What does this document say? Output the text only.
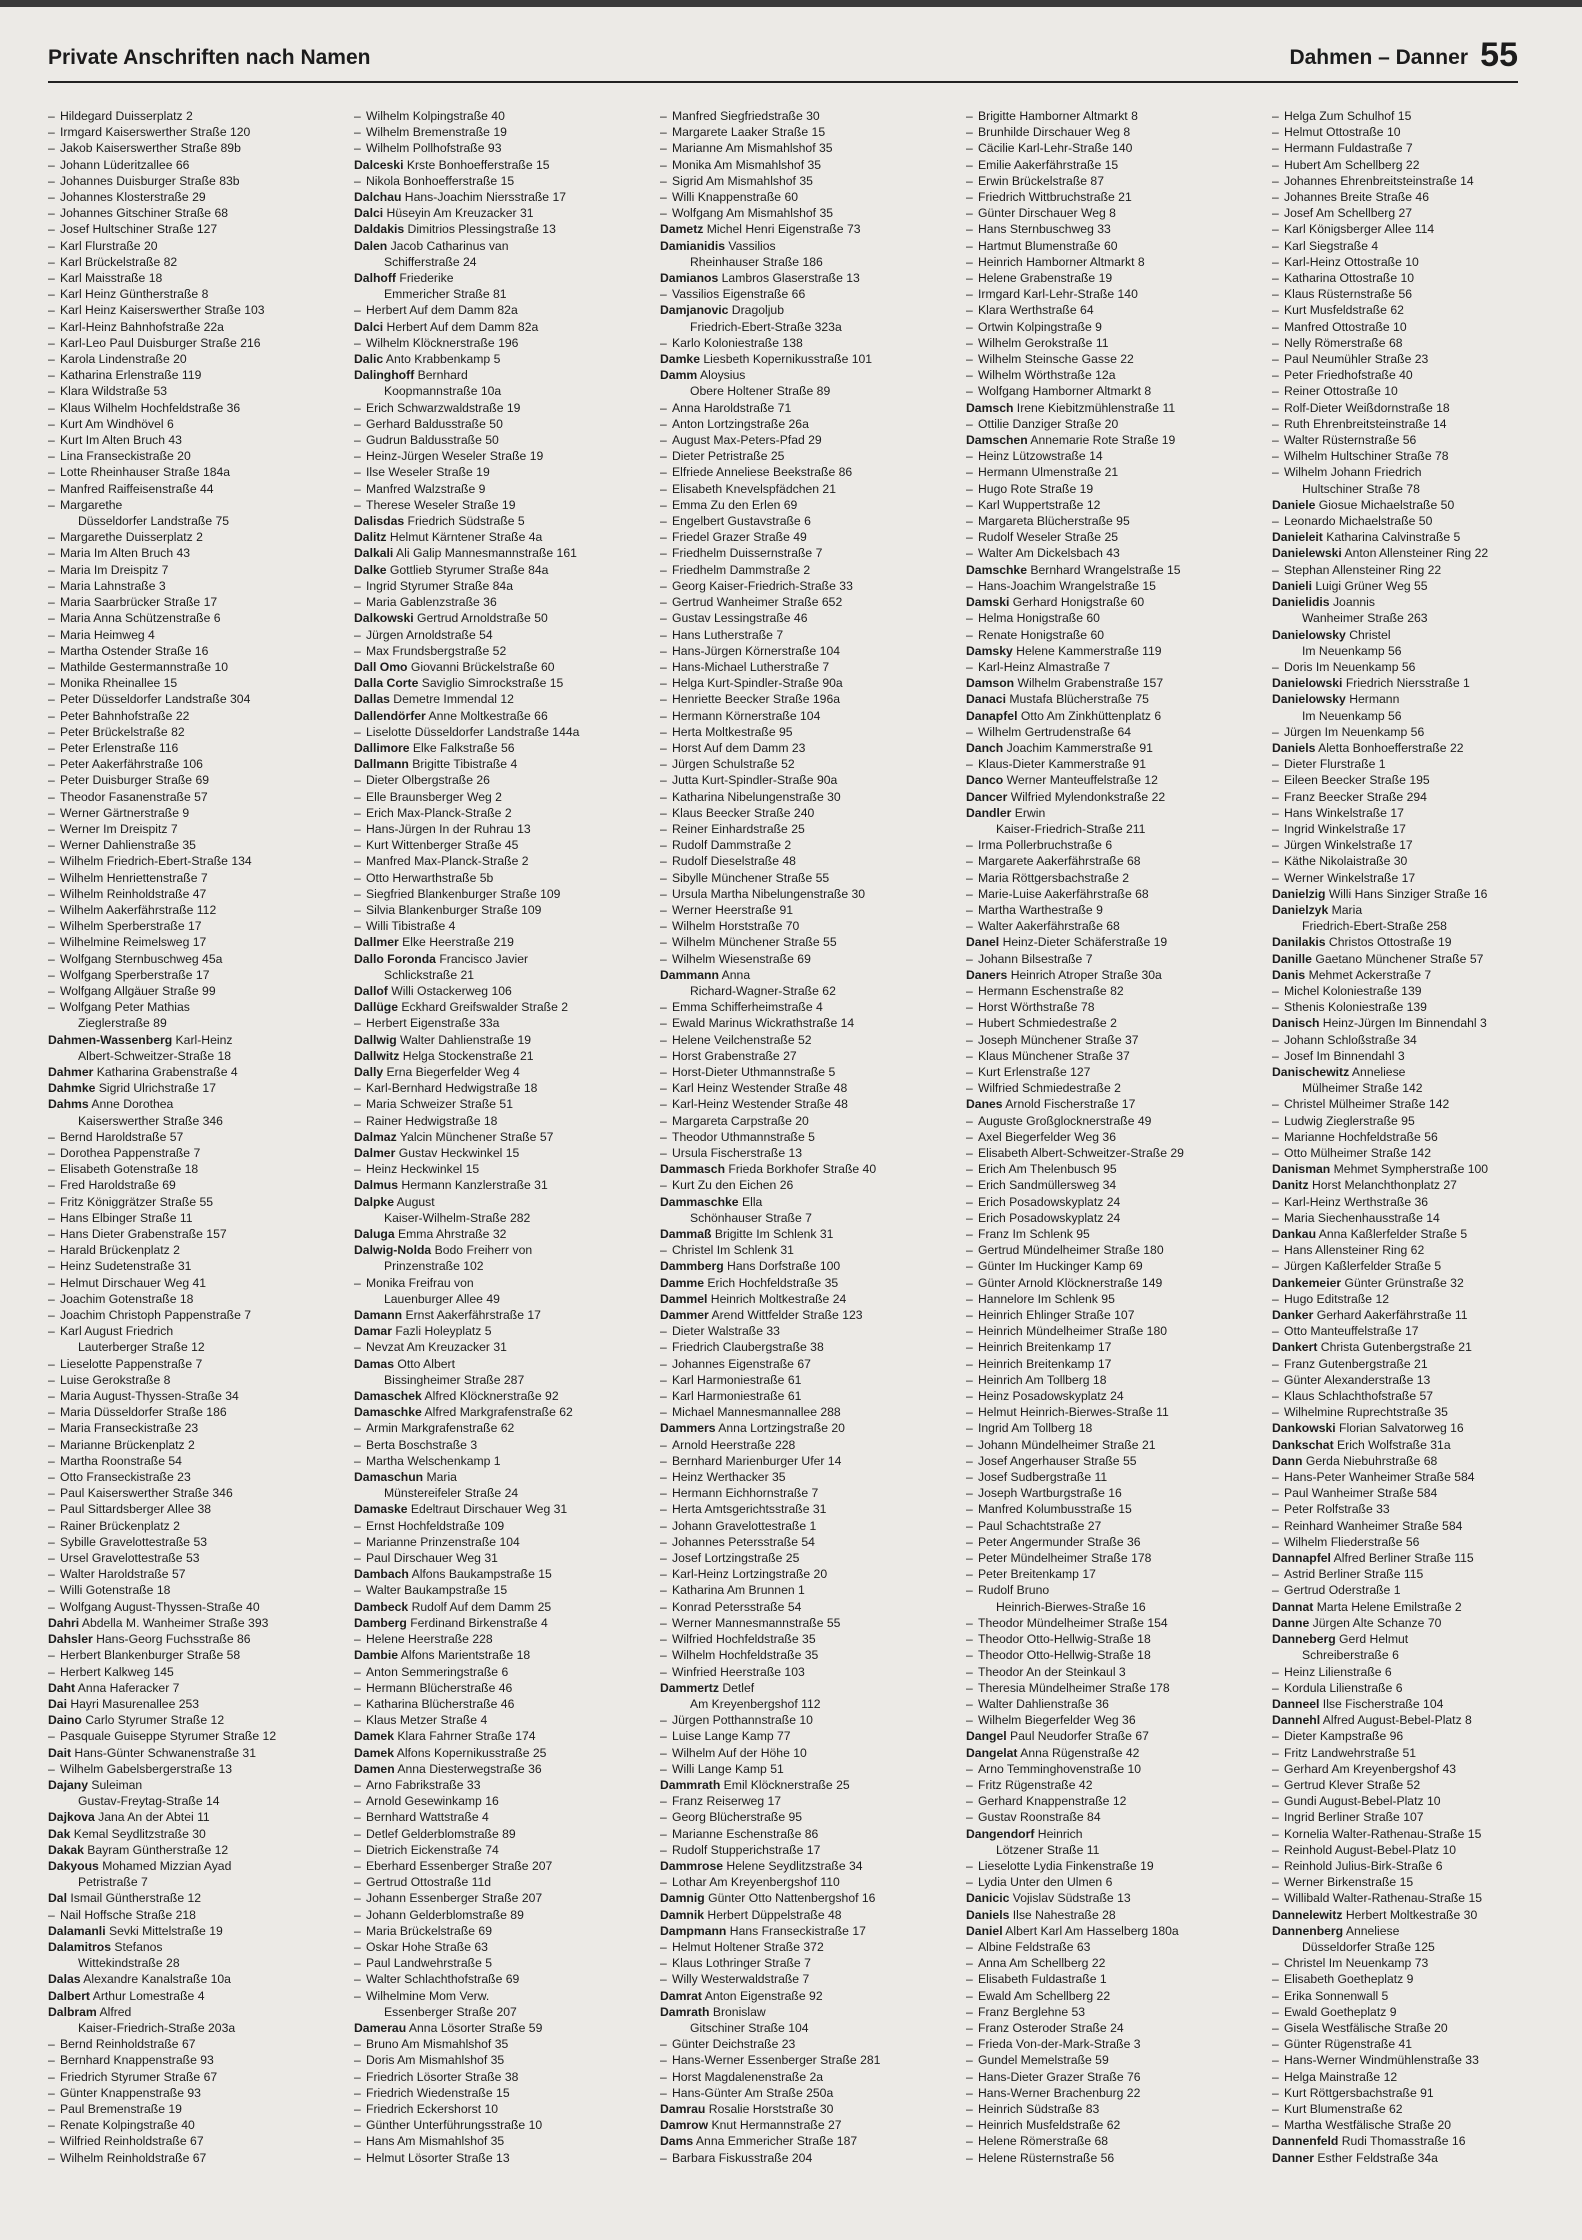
Private Anschriften nach Namen	Dahmen – Danner 55
– Hildegard Duisserplatz 2
– Irmgard Kaiserswerther Straße 120
– Jakob Kaiserswerther Straße 89b
– Johann Lüderitzallee 66
– Johannes Duisburger Straße 83b
– Johannes Klosterstraße 29
– Johannes Gitschiner Straße 68
– Josef Hultschiner Straße 127
– Karl Flurstraße 20
– Karl Brückelstraße 82
– Karl Maisstraße 18
– Karl Heinz Güntherstraße 8
– Karl Heinz Kaiserswerther Straße 103
– Karl-Heinz Bahnhofstraße 22a
– Karl-Leo Paul Duisburger Straße 216
– Karola Lindenstraße 20
– Katharina Erlenstraße 119
– Klara Wildstraße 53
– Klaus Wilhelm Hochfeldstraße 36
– Kurt Am Windhövel 6
– Kurt Im Alten Bruch 43
– Lina Franseckistraße 20
– Lotte Rheinhauser Straße 184a
– Manfred Raiffeisenstraße 44
– Margarethe
Düsseldorfer Landstraße 75
– Margarethe Duisserplatz 2
– Maria Im Alten Bruch 43
– Maria Im Dreispitz 7
– Maria Lahnstraße 3
– Maria Saarbrücker Straße 17
– Maria Anna Schützenstraße 6
– Maria Heimweg 4
– Martha Ostender Straße 16
– Mathilde Gestermannstraße 10
– Monika Rheinallee 15
– Peter Düsseldorfer Landstraße 304
– Peter Bahnhofstraße 22
– Peter Brückelstraße 82
– Peter Erlenstraße 116
– Peter Aakerfährstraße 106
– Peter Duisburger Straße 69
– Theodor Fasanenstraße 57
– Werner Gärtnerstraße 9
– Werner Im Dreispitz 7
– Werner Dahlienstraße 35
– Wilhelm Friedrich-Ebert-Straße 134
– Wilhelm Henriettenstraße 7
– Wilhelm Reinholdstraße 47
– Wilhelm Aakerfährstraße 112
– Wilhelm Sperberstraße 17
– Wilhelmine Reimelsweg 17
– Wolfgang Sternbuschweg 45a
– Wolfgang Sperberstraße 17
– Wolfgang Allgäuer Straße 99
– Wolfgang Peter Mathias
Zieglerstraße 89
Dahmen-Wassenberg Karl-Heinz
Albert-Schweitzer-Straße 18
Dahmer Katharina Grabenstraße 4
Dahmke Sigrid Ulrichstraße 17
Dahms Anne Dorothea
Kaiserswerther Straße 346
– Bernd Haroldstraße 57
– Dorothea Pappenstraße 7
– Elisabeth Gotenstraße 18
– Fred Haroldstraße 69
– Fritz Königgrätzer Straße 55
– Hans Elbinger Straße 11
– Hans Dieter Grabenstraße 157
– Harald Brückenplatz 2
– Heinz Sudetenstraße 31
– Helmut Dirschauer Weg 41
– Joachim Gotenstraße 18
– Joachim Christoph Pappenstraße 7
– Karl August Friedrich
Lauterberger Straße 12
– Lieselotte Pappenstraße 7
– Luise Gerokstraße 8
– Maria August-Thyssen-Straße 34
– Maria Düsseldorfer Straße 186
– Maria Franseckistraße 23
– Marianne Brückenplatz 2
– Martha Roonstraße 54
– Otto Franseckistraße 23
– Paul Kaiserswerther Straße 346
– Paul Sittardsberger Allee 38
– Rainer Brückenplatz 2
– Sybille Gravelottestraße 53
– Ursel Gravelottestraße 53
– Walter Haroldstraße 57
– Willi Gotenstraße 18
– Wolfgang August-Thyssen-Straße 40
Dahri Abdella M. Wanheimer Straße 393
Dahsler Hans-Georg Fuchsstraße 86
– Herbert Blankenburger Straße 58
– Herbert Kalkweg 145
Daht Anna Haferacker 7
Dai Hayri Masurenallee 253
Daino Carlo Styrumer Straße 12
– Pasquale Guiseppe Styrumer Straße 12
Dait Hans-Günter Schwanenstraße 31
– Wilhelm Gabelsbergerstraße 13
Dajany Suleiman
Gustav-Freytag-Straße 14
Dajkova Jana An der Abtei 11
Dak Kemal Seydlitzstraße 30
Dakak Bayram Güntherstraße 12
Dakyous Mohamed Mizzian Ayad
Petristraße 7
Dal Ismail Güntherstraße 12
– Nail Hoffsche Straße 218
Dalamanli Sevki Mittelstraße 19
Dalamitros Stefanos
Wittekindstraße 28
Dalas Alexandre Kanalstraße 10a
Dalbert Arthur Lomestraße 4
Dalbram Alfred
Kaiser-Friedrich-Straße 203a
– Bernd Reinholdstraße 67
– Bernhard Knappenstraße 93
– Friedrich Styrumer Straße 67
– Günter Knappenstraße 93
– Paul Bremenstraße 19
– Renate Kolpingstraße 40
– Wilfried Reinholdstraße 67
– Wilhelm Reinholdstraße 67
– Wilhelm Kolpingstraße 40
– Wilhelm Bremenstraße 19
– Wilhelm Pollhofstraße 93
Dalceski Krste Bonhoefferstraße 15
– Nikola Bonhoefferstraße 15
Dalchau Hans-Joachim Niersstraße 17
Dalci Hüseyin Am Kreuzacker 31
Daldakis Dimitrios Plessingstraße 13
Dalen Jacob Catharinus van
Schifferstraße 24
Dalhoff Friederike
Emmericher Straße 81
– Herbert Auf dem Damm 82a
Dalci Herbert Auf dem Damm 82a
– Wilhelm Klöcknerstraße 196
Dalic Anto Krabbenkamp 5
Dalinghoff Bernhard
Koopmannstraße 10a
– Erich Schwarzwaldstraße 19
– Gerhard Baldusstraße 50
– Gudrun Baldusstraße 50
– Heinz-Jürgen Weseler Straße 19
– Ilse Weseler Straße 19
– Manfred Walzstraße 9
– Therese Weseler Straße 19
Dalisdas Friedrich Südstraße 5
Dalitz Helmut Kärntener Straße 4a
Dalkali Ali Galip Mannesmannstraße 161
Dalke Gottlieb Styrumer Straße 84a
– Ingrid Styrumer Straße 84a
– Maria Gablenzstraße 36
Dalkowski Gertrud Arnoldstraße 50
– Jürgen Arnoldstraße 54
– Max Frundsbergstraße 52
Dall Omo Giovanni Brückelstraße 60
Dalla Corte Saviglio Simrockstraße 15
Dallas Demetre Immendal 12
Dallendörfer Anne Moltkestraße 66
– Liselotte Düsseldorfer Landstraße 144a
Dallimore Elke Falkstraße 56
Dallmann Brigitte Tibistraße 4
– Dieter Olbergstraße 26
– Elle Braunsberger Weg 2
– Erich Max-Planck-Straße 2
– Hans-Jürgen In der Ruhrau 13
– Kurt Wittenberger Straße 45
– Manfred Max-Planck-Straße 2
– Otto Herwarthstraße 5b
– Siegfried Blankenburger Straße 109
– Silvia Blankenburger Straße 109
– Willi Tibistraße 4
Dallmer Elke Heerstraße 219
Dallo Foronda Francisco Javier
Schlickstraße 21
Dallof Willi Ostackerweg 106
Dallüge Eckhard Greifswalder Straße 2
– Herbert Eigenstraße 33a
Dallwig Walter Dahlienstraße 19
Dallwitz Helga Stockenstraße 21
Dally Erna Biegerfelder Weg 4
– Karl-Bernhard Hedwigstraße 18
– Maria Schweizer Straße 51
– Rainer Hedwigstraße 18
Dalmaz Yalcin Münchener Straße 57
Dalmer Gustav Heckwinkel 15
– Heinz Heckwinkel 15
Dalmus Hermann Kanzlerstraße 31
Dalpke August
Kaiser-Wilhelm-Straße 282
Daluga Emma Ahrstraße 32
Dalwig-Nolda Bodo Freiherr von
Prinzenstraße 102
– Monika Freifrau von
Lauenburger Allee 49
Damann Ernst Aakerfährstraße 17
Damar Fazli Holeyplatz 5
– Nevzat Am Kreuzacker 31
Damas Otto Albert
Bissingheimer Straße 287
Damaschek Alfred Klöcknerstraße 92
Damaschke Alfred Markgrafenstraße 62
– Armin Markgrafenstraße 62
– Berta Boschstraße 3
– Martha Welschenkamp 1
Damaschun Maria
Münstereifeler Straße 24
Damaske Edeltraut Dirschauer Weg 31
– Ernst Hochfeldstraße 109
– Marianne Prinzenstraße 104
– Paul Dirschauer Weg 31
Dambach Alfons Baukampstraße 15
– Walter Baukampstraße 15
Dambeck Rudolf Auf dem Damm 25
Damberg Ferdinand Birkenstraße 4
– Helene Heerstraße 228
Dambie Alfons Marientstraße 18
– Anton Semmeringstraße 6
– Hermann Blücherstraße 46
– Katharina Blücherstraße 46
– Klaus Metzer Straße 4
Damek Klara Fahrner Straße 174
Damek Alfons Kopernikusstraße 25
Damen Anna Diesterwegstraße 36
– Arno Fabrikstraße 33
– Arnold Gesewinkamp 16
– Bernhard Wattstraße 4
– Detlef Gelderblomstraße 89
– Dietrich Eickenstraße 74
– Eberhard Essenberger Straße 207
– Gertrud Ottostraße 11d
– Johann Essenberger Straße 207
– Johann Gelderblomstraße 89
– Maria Brückelstraße 69
– Oskar Hohe Straße 63
– Paul Landwehrstraße 5
– Walter Schlachthofstraße 69
– Wilhelmine Mom Verw.
Essenberger Straße 207
Damerau Anna Lösorter Straße 59
– Bruno Am Mismahlshof 35
– Doris Am Mismahlshof 35
– Friedrich Lösorter Straße 38
– Friedrich Wiedenstraße 15
– Friedrich Eckershorst 10
– Günther Unterführungsstraße 10
– Hans Am Mismahlshof 35
– Helmut Lösorter Straße 13
– Manfred Siegfriedstraße 30
– Margarete Laaker Straße 15
– Marianne Am Mismahlshof 35
– Monika Am Mismahlshof 35
– Sigrid Am Mismahlshof 35
– Willi Knappenstraße 60
– Wolfgang Am Mismahlshof 35
Dametz Michel Henri Eigenstraße 73
Damianidis Vassilios
Rheinhauser Straße 186
Damianos Lambros Glaserstraße 13
– Vassilios Eigenstraße 66
Damjanovic Dragoljub
Friedrich-Ebert-Straße 323a
– Karlo Koloniestraße 138
Damke Liesbeth Kopernikusstraße 101
Damm Aloysius
Obere Holtener Straße 89
– Anna Haroldstraße 71
– Anton Lortzingstraße 26a
– August Max-Peters-Pfad 29
– Dieter Petristraße 25
– Elfriede Anneliese Beekstraße 86
– Elisabeth Knevelspfädchen 21
– Emma Zu den Erlen 69
– Engelbert Gustavstraße 6
– Friedel Grazer Straße 49
– Friedhelm Duissernstraße 7
– Friedhelm Dammstraße 2
– Georg Kaiser-Friedrich-Straße 33
– Gertrud Wanheimer Straße 652
– Gustav Lessingstraße 46
– Hans Lutherstraße 7
– Hans-Jürgen Körnerstraße 104
– Hans-Michael Lutherstraße 7
– Helga Kurt-Spindler-Straße 90a
– Henriette Beecker Straße 196a
– Hermann Körnerstraße 104
– Herta Moltkestraße 95
– Horst Auf dem Damm 23
– Jürgen Schulstraße 52
– Jutta Kurt-Spindler-Straße 90a
– Katharina Nibelungenstraße 30
– Klaus Beecker Straße 240
– Reiner Einhardstraße 25
– Rudolf Dammstraße 2
– Rudolf Dieselstraße 48
– Sibylle Münchener Straße 55
– Ursula Martha Nibelungenstraße 30
– Werner Heerstraße 91
– Wilhelm Horststraße 70
– Wilhelm Münchener Straße 55
– Wilhelm Wiesenstraße 69
Dammann Anna
Richard-Wagner-Straße 62
– Emma Schifferheimstraße 4
– Ewald Marinus Wickrathstraße 14
– Helene Veilchenstraße 52
– Horst Grabenstraße 27
– Horst-Dieter Uthmannstraße 5
– Karl Heinz Westender Straße 48
– Karl-Heinz Westender Straße 48
– Margareta Carpstraße 20
– Theodor Uthmannstraße 5
– Ursula Fischerstraße 13
Dammasch Frieda Borkhofer Straße 40
– Kurt Zu den Eichen 26
Dammaschke Ella
Schönhauser Straße 7
Dammaß Brigitte Im Schlenk 31
– Christel Im Schlenk 31
Dammberg Hans Dorfstraße 100
Damme Erich Hochfeldstraße 35
Dammel Heinrich Moltkestraße 24
Dammer Arend Wittfelder Straße 123
– Dieter Walstraße 33
– Friedrich Claubergstraße 38
– Johannes Eigenstraße 67
– Karl Harmoniestraße 61
– Karl Harmoniestraße 61
– Michael Mannesmannallee 288
Dammers Anna Lortzingstraße 20
– Arnold Heerstraße 228
– Bernhard Marienburger Ufer 14
– Heinz Werthacker 35
– Hermann Eichhornstraße 7
– Herta Amtsgerichtsstraße 31
– Johann Gravelottestraße 1
– Johannes Petersstraße 54
– Josef Lortzingstraße 25
– Karl-Heinz Lortzingstraße 20
– Katharina Am Brunnen 1
– Konrad Petersstraße 54
– Werner Mannesmannstraße 55
– Wilfried Hochfeldstraße 35
– Wilhelm Hochfeldstraße 35
– Winfried Heerstraße 103
Dammertz Detlef
Am Kreyenbergshof 112
– Jürgen Potthannstraße 10
– Luise Lange Kamp 77
– Wilhelm Auf der Höhe 10
– Willi Lange Kamp 51
Dammrath Emil Klöcknerstraße 25
– Franz Reiserweg 17
– Georg Blücherstraße 95
– Marianne Eschenstraße 86
– Rudolf Stupperichstraße 17
Dammrose Helene Seydlitzstraße 34
– Lothar Am Kreyenbergshof 110
Damnig Günter Otto Nattenbergshof 16
Damnik Herbert Düppelstraße 48
Dampmann Hans Franseckistraße 17
– Helmut Holtener Straße 372
– Klaus Lothringer Straße 7
– Willy Westerwaldstraße 7
Damrat Anton Eigenstraße 92
Damrath Bronislaw
Gitschiner Straße 104
– Günter Deichstraße 23
– Hans-Werner Essenberger Straße 281
– Horst Magdalenenstraße 2a
– Hans-Günter Am Straße 250a
Damrau Rosalie Horststraße 30
Damrow Knut Hermannstraße 27
Dams Anna Emmericher Straße 187
– Barbara Fiskusstraße 204
– Brigitte Hamborner Altmarkt 8
– Brunhilde Dirschauer Weg 8
– Cäcilie Karl-Lehr-Straße 140
– Emilie Aakerfährstraße 15
– Erwin Brückelstraße 87
– Friedrich Wittbruchstraße 21
– Günter Dirschauer Weg 8
– Hans Sternbuschweg 33
– Hartmut Blumenstraße 60
– Heinrich Hamborner Altmarkt 8
– Helene Grabenstraße 19
– Irmgard Karl-Lehr-Straße 140
– Klara Werthstraße 64
– Ortwin Kolpingstraße 9
– Wilhelm Gerokstraße 11
– Wilhelm Steinsche Gasse 22
– Wilhelm Wörthstraße 12a
– Wolfgang Hamborner Altmarkt 8
Damsch Irene Kiebitzmühlenstraße 11
– Ottilie Danziger Straße 20
Damschen Annemarie Rote Straße 19
– Heinz Lützowstraße 14
– Hermann Ulmenstraße 21
– Hugo Rote Straße 19
– Karl Wuppertstraße 12
– Margareta Blücherstraße 95
– Rudolf Weseler Straße 25
– Walter Am Dickelsbach 43
Damschke Bernhard Wrangelstraße 15
– Hans-Joachim Wrangelstraße 15
Damski Gerhard Honigstraße 60
– Helma Honigstraße 60
– Renate Honigstraße 60
Damsky Helene Kammerstraße 119
– Karl-Heinz Almastraße 7
Damson Wilhelm Grabenstraße 157
Danaci Mustafa Blücherstraße 75
Danapfel Otto Am Zinkhüttenplatz 6
– Wilhelm Gertrudenstraße 64
Danch Joachim Kammerstraße 91
– Klaus-Dieter Kammerstraße 91
Danco Werner Manteuffelstraße 12
Dancer Wilfried Mylendonkstraße 22
Dandler Erwin
Kaiser-Friedrich-Straße 211
– Irma Pollerbruchstraße 6
– Margarete Aakerfährstraße 68
– Maria Röttgersbachstraße 2
– Marie-Luise Aakerfährstraße 68
– Martha Warthestraße 9
– Walter Aakerfährstraße 68
Danel Heinz-Dieter Schäferstraße 19
– Johann Bilsestraße 7
Daners Heinrich Atroper Straße 30a
– Hermann Eschenstraße 82
– Horst Wörthstraße 78
– Hubert Schmiedestraße 2
– Joseph Münchener Straße 37
– Klaus Münchener Straße 37
– Kurt Erlenstraße 127
– Wilfried Schmiedestraße 2
Danes Arnold Fischerstraße 17
– Auguste Großglocknerstraße 49
– Axel Biegerfelder Weg 36
– Elisabeth Albert-Schweitzer-Straße 29
– Erich Am Thelenbusch 95
– Erich Sandmüllersweg 34
– Erich Posadowskyplatz 24
– Erich Posadowskyplatz 24
– Franz Im Schlenk 95
– Gertrud Mündelheimer Straße 180
– Günter Im Huckinger Kamp 69
– Günter Arnold Klöcknerstraße 149
– Hannelore Im Schlenk 95
– Heinrich Ehlinger Straße 107
– Heinrich Mündelheimer Straße 180
– Heinrich Breitenkamp 17
– Heinrich Breitenkamp 17
– Heinrich Am Tollberg 18
– Heinz Posadowskyplatz 24
– Helmut Heinrich-Bierwes-Straße 11
– Ingrid Am Tollberg 18
– Johann Mündelheimer Straße 21
– Josef Angerhauser Straße 55
– Josef Sudbergstraße 11
– Joseph Wartburgstraße 16
– Manfred Kolumbusstraße 15
– Paul Schachtstraße 27
– Peter Angermunder Straße 36
– Peter Mündelheimer Straße 178
– Peter Breitenkamp 17
– Rudolf Bruno
Heinrich-Bierwes-Straße 16
– Theodor Mündelheimer Straße 154
– Theodor Otto-Hellwig-Straße 18
– Theodor Otto-Hellwig-Straße 18
– Theodor An der Steinkaul 3
– Theresia Mündelheimer Straße 178
– Walter Dahlienstraße 36
– Wilhelm Biegerfelder Weg 36
Dangel Paul Neudorfer Straße 67
Dangelat Anna Rügenstraße 42
– Arno Temminghovenstraße 10
– Fritz Rügenstraße 42
– Gerhard Knappenstraße 12
– Gustav Roonstraße 84
Dangendorf Heinrich
Lötzener Straße 11
– Lieselotte Lydia Finkenstraße 19
– Lydia Unter den Ulmen 6
Danicic Vojislav Südstraße 13
Daniels Ilse Nahestraße 28
Daniel Albert Karl Am Hasselberg 180a
– Albine Feldstraße 63
– Anna Am Schellberg 22
– Elisabeth Fuldastraße 1
– Ewald Am Schellberg 22
– Franz Berglehne 53
– Franz Osteroder Straße 24
– Frieda Von-der-Mark-Straße 3
– Gundel Memelstraße 59
– Hans-Dieter Grazer Straße 76
– Hans-Werner Brachenburg 22
– Heinrich Südstraße 83
– Heinrich Musfeldstraße 62
– Helene Römerstraße 68
– Helene Rüsternstraße 56
– Helga Zum Schulhof 15
– Helmut Ottostraße 10
– Hermann Fuldastraße 7
– Hubert Am Schellberg 22
– Johannes Ehrenbreitsteinstraße 14
– Johannes Breite Straße 46
– Josef Am Schellberg 27
– Karl Königsberger Allee 114
– Karl Siegstraße 4
– Karl-Heinz Ottostraße 10
– Katharina Ottostraße 10
– Klaus Rüsternstraße 56
– Kurt Musfeldstraße 62
– Manfred Ottostraße 10
– Nelly Römerstraße 68
– Paul Neumühler Straße 23
– Peter Friedhofstraße 40
– Reiner Ottostraße 10
– Rolf-Dieter Weißdornstraße 18
– Ruth Ehrenbreitsteinstraße 14
– Walter Rüsternstraße 56
– Wilhelm Hultschiner Straße 78
– Wilhelm Johann Friedrich
Hultschiner Straße 78
Daniele Giosue Michaelstraße 50
– Leonardo Michaelstraße 50
Danieleit Katharina Calvinstraße 5
Danielewski Anton Allensteiner Ring 22
– Stephan Allensteiner Ring 22
Danieli Luigi Grüner Weg 55
Danielidis Joannis
Wanheimer Straße 263
Danielowsky Christel
Im Neuenkamp 56
– Doris Im Neuenkamp 56
Danielowski Friedrich Niersstraße 1
Danielowsky Hermann
Im Neuenkamp 56
– Jürgen Im Neuenkamp 56
Daniels Aletta Bonhoefferstraße 22
– Dieter Flurstraße 1
– Eileen Beecker Straße 195
– Franz Beecker Straße 294
– Hans Winkelstraße 17
– Ingrid Winkelstraße 17
– Jürgen Winkelstraße 17
– Käthe Nikolaistraße 30
– Werner Winkelstraße 17
Danielzig Willi Hans Sinziger Straße 16
Danielzyk Maria
Friedrich-Ebert-Straße 258
Danilakis Christos Ottostraße 19
Danille Gaetano Münchener Straße 57
Danis Mehmet Ackerstraße 7
– Michel Koloniestraße 139
– Sthenis Koloniestraße 139
Danisch Heinz-Jürgen Im Binnendahl 3
– Johann Schloßstraße 34
– Josef Im Binnendahl 3
Danischewitz Anneliese
Mülheimer Straße 142
– Christel Mülheimer Straße 142
– Ludwig Zieglerstraße 95
– Marianne Hochfeldstraße 56
– Otto Mülheimer Straße 142
Danisman Mehmet Sympherstraße 100
Danitz Horst Melanchthonplatz 27
– Karl-Heinz Werthstraße 36
– Maria Siechenhausstraße 14
Dankau Anna Kaßlerfelder Straße 5
– Hans Allensteiner Ring 62
– Jürgen Kaßlerfelder Straße 5
Dankemeier Günter Grünstraße 32
– Hugo Editstraße 12
Danker Gerhard Aakerfährstraße 11
– Otto Manteuffelstraße 17
Dankert Christa Gutenbergstraße 21
– Franz Gutenbergstraße 21
– Günter Alexanderstraße 13
– Klaus Schlachthofstraße 57
– Wilhelmine Ruprechtstraße 35
Dankowski Florian Salvatorweg 16
Dankschat Erich Wolfstraße 31a
Dann Gerda Niebuhrstraße 68
– Hans-Peter Wanheimer Straße 584
– Paul Wanheimer Straße 584
– Peter Rolfstraße 33
– Reinhard Wanheimer Straße 584
– Wilhelm Fliederstraße 56
Dannapfel Alfred Berliner Straße 115
– Astrid Berliner Straße 115
– Gertrud Oderstraße 1
Dannat Marta Helene Emilstraße 2
Danne Jürgen Alte Schanze 70
Danneberg Gerd Helmut
Schreiberstraße 6
– Heinz Lilienstraße 6
– Kordula Lilienstraße 6
Danneel Ilse Fischerstraße 104
Dannehl Alfred August-Bebel-Platz 8
– Dieter Kampstraße 96
– Fritz Landwehrstraße 51
– Gerhard Am Kreyenbergshof 43
– Gertrud Klever Straße 52
– Gundi August-Bebel-Platz 10
– Ingrid Berliner Straße 107
– Kornelia Walter-Rathenau-Straße 15
– Reinhold August-Bebel-Platz 10
– Reinhold Julius-Birk-Straße 6
– Werner Birkenstraße 15
– Willibald Walter-Rathenau-Straße 15
Dannelewitz Herbert Moltkestraße 30
Dannenberg Anneliese
Düsseldorfer Straße 125
– Christel Im Neuenkamp 73
– Elisabeth Goetheplatz 9
– Erika Sonnenwall 5
– Ewald Goetheplatz 9
– Gisela Westfälische Straße 20
– Günter Rügenstraße 41
– Hans-Werner Windmühlenstraße 33
– Helga Mainstraße 12
– Kurt Röttgersbachstraße 91
– Kurt Blumenstraße 62
– Martha Westfälische Straße 20
Dannenfeld Rudi Thomasstraße 16
Danner Esther Feldstraße 34a
